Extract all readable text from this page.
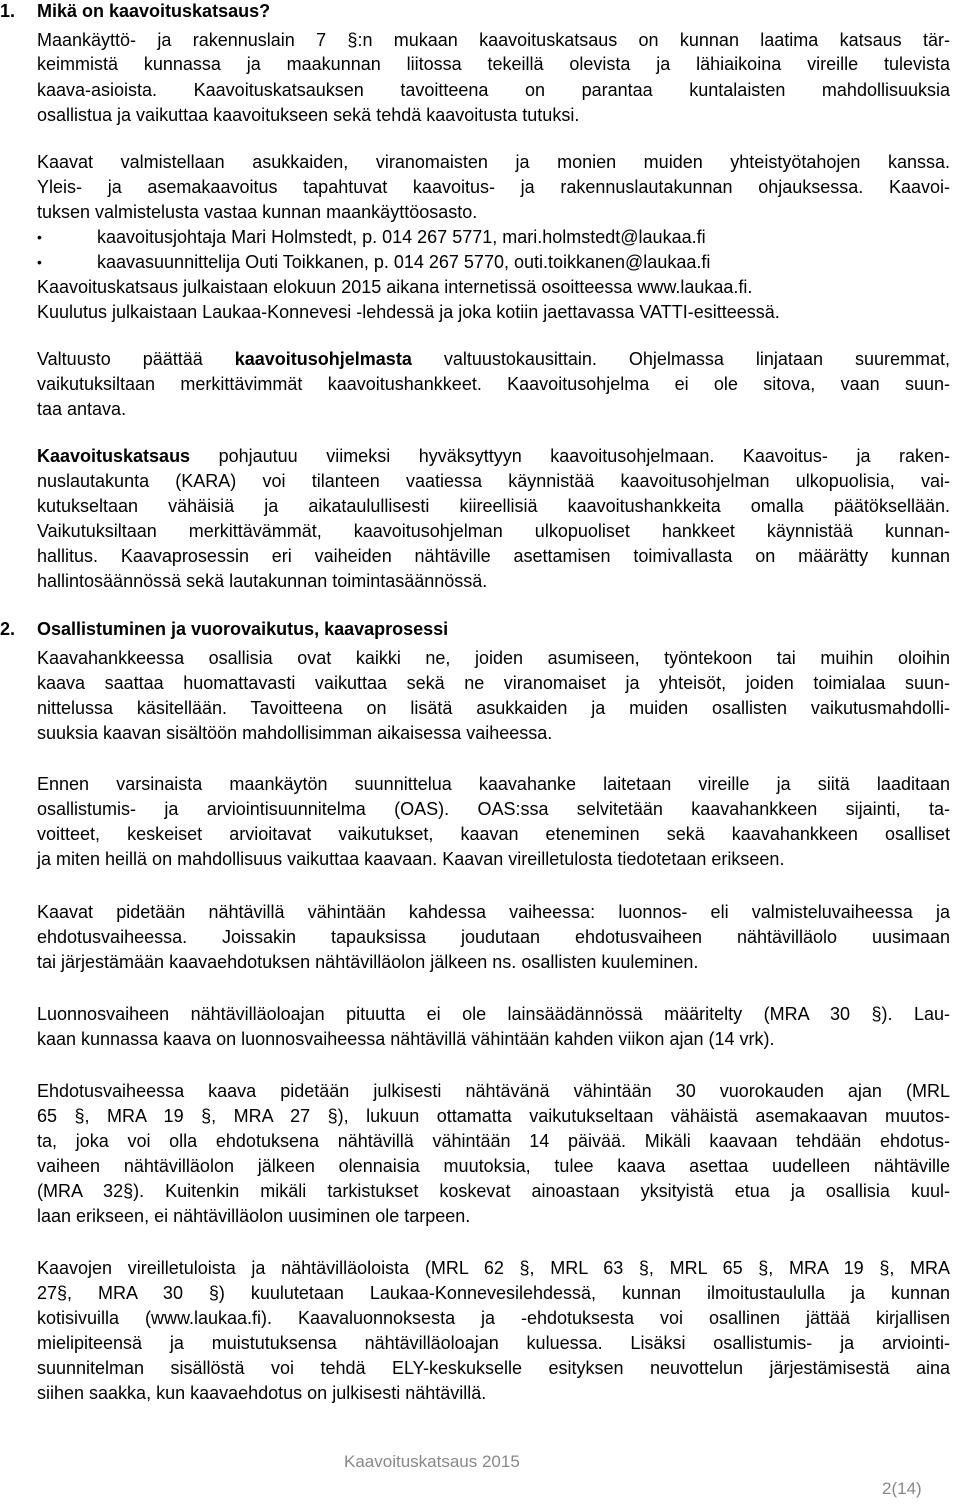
1. Mikä on kaavoituskatsaus?

Maankäyttö- ja rakennuslain 7 §:n mukaan kaavoituskatsaus on kunnan laatima katsaus tär-

keimmistä kunnassa ja maakunnan liitossa tekeillä olevista ja lähiaikoina vireille tulevista

kaava-asioista. Kaavoituskatsauksen tavoitteena on parantaa kuntalaisten mahdollisuuksia

osallistua ja vaikuttaa kaavoitukseen sekä tehdä kaavoitusta tutuksi.

Kaavat valmistellaan asukkaiden, viranomaisten ja monien muiden yhteistyötahojen kanssa.

Yleis- ja asemakaavoitus tapahtuvat kaavoitus- ja rakennuslautakunnan ohjauksessa. Kaavoi-

tuksen valmistelusta vastaa kunnan maankäyttöosasto.

•	kaavoitusjohtaja Mari Holmstedt, p. 014 267 5771, mari.holmstedt@laukaa.fi

•	kaavasuunnittelija Outi Toikkanen, p. 014 267 5770, outi.toikkanen@laukaa.fi

Kaavoituskatsaus julkaistaan elokuun 2015 aikana internetissä osoitteessa www.laukaa.fi.

Kuulutus julkaistaan Laukaa-Konnevesi -lehdessä ja joka kotiin jaettavassa VATTI-esitteessä.

Valtuusto päättää kaavoitusohjelmasta valtuustokausittain. Ohjelmassa linjataan suuremmat,

vaikutuksiltaan merkittävimmät kaavoitushankkeet. Kaavoitusohjelma ei ole sitova, vaan suun-

taa antava.

Kaavoituskatsaus pohjautuu viimeksi hyväksyttyyn kaavoitusohjelmaan. Kaavoitus- ja raken-

nuslautakunta (KARA) voi tilanteen vaatiessa käynnistää kaavoitusohjelman ulkopuolisia, vai-

kutukseltaan vähäisiä ja aikataulullisesti kiireellisiä kaavoitushankkeita omalla päätöksellään.

Vaikutuksiltaan merkittävämmät, kaavoitusohjelman ulkopuoliset hankkeet käynnistää kunnan-

hallitus. Kaavaprosessin eri vaiheiden nähtäville asettamisen toimivallasta on määrätty kunnan

hallintosäännössä sekä lautakunnan toimintasäännössä.

2. Osallistuminen ja vuorovaikutus, kaavaprosessi

Kaavahankkeessa osallisia ovat kaikki ne, joiden asumiseen, työntekoon tai muihin oloihin

kaava saattaa huomattavasti vaikuttaa sekä ne viranomaiset ja yhteisöt, joiden toimialaa suun-

nittelussa käsitellään. Tavoitteena on lisätä asukkaiden ja muiden osallisten vaikutusmahdolli-

suuksia kaavan sisältöön mahdollisimman aikaisessa vaiheessa.

Ennen varsinaista maankäytön suunnittelua kaavahanke laitetaan vireille ja siitä laaditaan

osallistumis- ja arviointisuunnitelma (OAS). OAS:ssa selvitetään kaavahankkeen sijainti, ta-

voitteet, keskeiset arvioitavat vaikutukset, kaavan eteneminen sekä kaavahankkeen osalliset

ja miten heillä on mahdollisuus vaikuttaa kaavaan. Kaavan vireilletulosta tiedotetaan erikseen.

Kaavat pidetään nähtävillä vähintään kahdessa vaiheessa: luonnos- eli valmisteluvaiheessa ja

ehdotusvaiheessa. Joissakin tapauksissa joudutaan ehdotusvaiheen nähtävilläolo uusimaan

tai järjestämään kaavaehdotuksen nähtävilläolon jälkeen ns. osallisten kuuleminen.

Luonnosvaiheen nähtävilläoloajan pituutta ei ole lainsäädännössä määritelty (MRA 30 §). Lau-

kaan kunnassa kaava on luonnosvaiheessa nähtävillä vähintään kahden viikon ajan (14 vrk).

Ehdotusvaiheessa kaava pidetään julkisesti nähtävänä vähintään 30 vuorokauden ajan (MRL

65 §, MRA 19 §, MRA 27 §), lukuun ottamatta vaikutukseltaan vähäistä asemakaavan muutos-

ta, joka voi olla ehdotuksena nähtävillä vähintään 14 päivää. Mikäli kaavaan tehdään ehdotus-

vaiheen nähtävilläolon jälkeen olennaisia muutoksia, tulee kaava asettaa uudelleen nähtäville

(MRA 32§). Kuitenkin mikäli tarkistukset koskevat ainoastaan yksityistä etua ja osallisia kuul-

laan erikseen, ei nähtävilläolon uusiminen ole tarpeen.

Kaavojen vireilletuloista ja nähtävilläoloista (MRL 62 §, MRL 63 §, MRL 65 §, MRA 19 §, MRA

27§, MRA 30 §) kuulutetaan Laukaa-Konnevesilehdessä, kunnan ilmoitustaululla ja kunnan

kotisivuilla (www.laukaa.fi). Kaavaluonnoksesta ja -ehdotuksesta voi osallinen jättää kirjallisen

mielipiteensä ja muistutuksensa nähtävilläoloajan kuluessa. Lisäksi osallistumis- ja arviointi-

suunnitelman sisällöstä voi tehdä ELY-keskukselle esityksen neuvottelun järjestämisestä aina

siihen saakka, kun kaavaehdotus on julkisesti nähtävillä.

Kaavoituskatsaus 2015
2(14)
